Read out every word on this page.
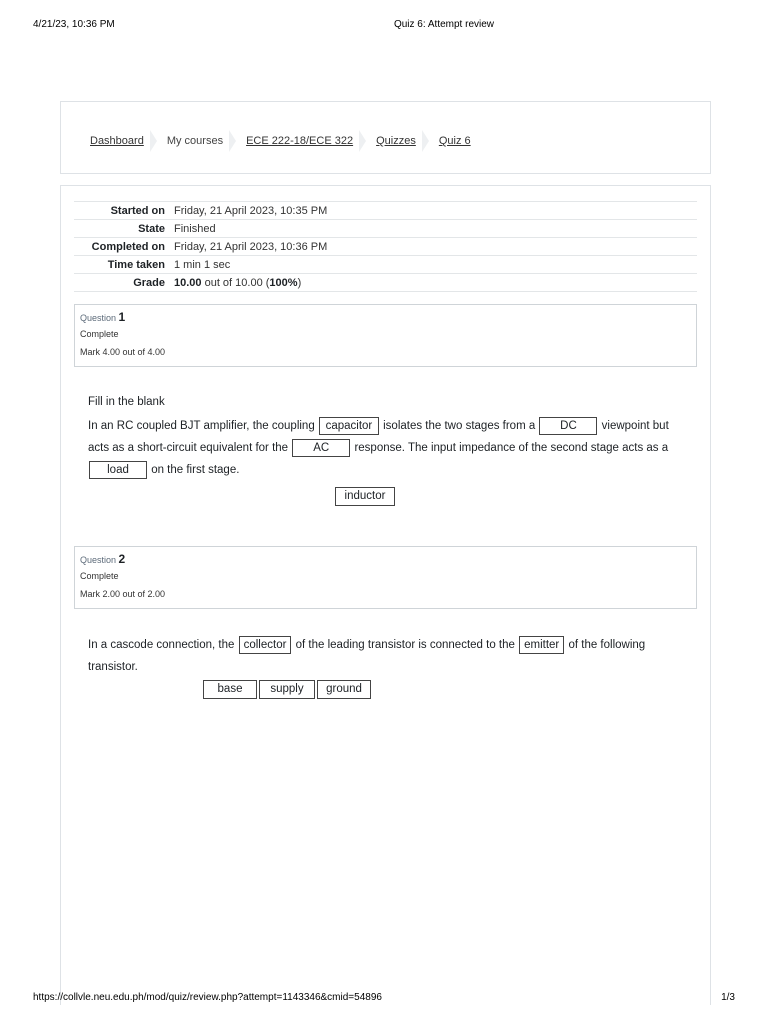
4/21/23, 10:36 PM	Quiz 6: Attempt review
Dashboard My courses ECE 222-18/ECE 322 Quizzes Quiz 6
Started on	Friday, 21 April 2023, 10:35 PM
State	Finished
Completed on	Friday, 21 April 2023, 10:36 PM
Time taken	1 min 1 sec
Grade	10.00 out of 10.00 (100%)
Question 1
Complete
Mark 4.00 out of 4.00
Fill in the blank
In an RC coupled BJT amplifier, the coupling capacitor isolates the two stages from a DC viewpoint but acts as a short-circuit equivalent for the AC response. The input impedance of the second stage acts as a load on the first stage.
inductor
Question 2
Complete
Mark 2.00 out of 2.00
In a cascode connection, the collector of the leading transistor is connected to the emitter of the following transistor.
base	supply	ground
https://collvle.neu.edu.ph/mod/quiz/review.php?attempt=1143346&cmid=54896	1/3
